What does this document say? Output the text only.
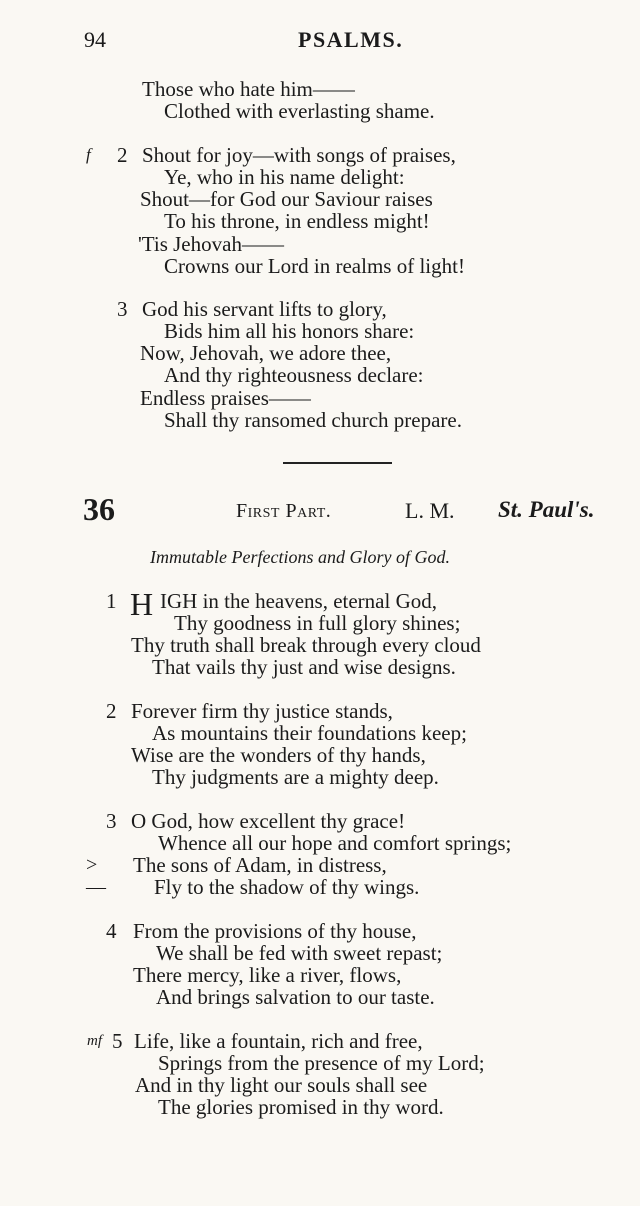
94	PSALMS.
Those who hate him——
Clothed with everlasting shame.
f 2 Shout for joy—with songs of praises,
Ye, who in his name delight:
Shout—for God our Saviour raises
To his throne, in endless might!
'Tis Jehovah——
Crowns our Lord in realms of light!
3 God his servant lifts to glory,
Bids him all his honors share:
Now, Jehovah, we adore thee,
And thy righteousness declare:
Endless praises——
Shall thy ransomed church prepare.
36	First Part.	L. M. St. Paul's.
Immutable Perfections and Glory of God.
1 H IGH in the heavens, eternal God,
Thy goodness in full glory shines;
Thy truth shall break through every cloud
That vails thy just and wise designs.
2 Forever firm thy justice stands,
As mountains their foundations keep;
Wise are the wonders of thy hands,
Thy judgments are a mighty deep.
3 O God, how excellent thy grace!
Whence all our hope and comfort springs;
> The sons of Adam, in distress,
— Fly to the shadow of thy wings.
4 From the provisions of thy house,
We shall be fed with sweet repast;
There mercy, like a river, flows,
And brings salvation to our taste.
mf 5 Life, like a fountain, rich and free,
Springs from the presence of my Lord;
And in thy light our souls shall see
The glories promised in thy word.
